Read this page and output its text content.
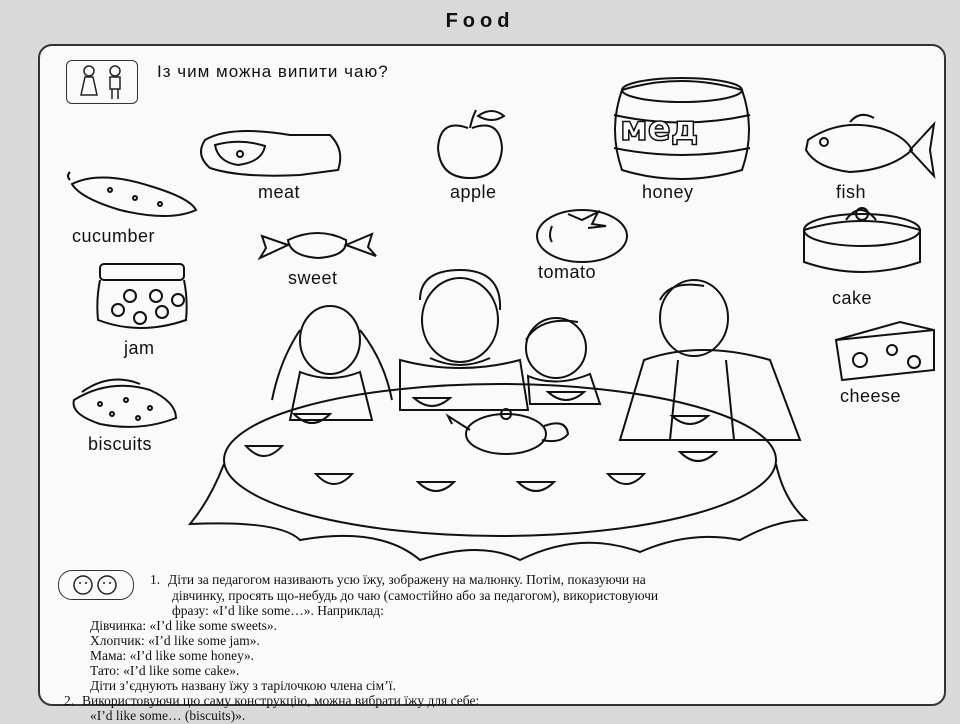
Food
Із чим можна випити чаю?
мед
meat	apple	honey	fish
cucumber
sweet	tomato
cake
jam
cheese
biscuits
1. Діти за педагогом називають усю їжу, зображену на малюнку. Потім, показуючи на
дівчинку, просять що-небудь до чаю (самостійно або за педагогом), використовуючи
фразу: «I’d like some…». Наприклад:
Дівчинка: «I’d like some sweets».
Хлопчик: «I’d like some jam».
Мама: «I’d like some honey».
Тато: «I’d like some cake».
Діти з’єднують названу їжу з тарілочкою члена сім’ї.
2. Використовуючи цю саму конструкцію, можна вибрати їжу для себе:
«I’d like some… (biscuits)».
